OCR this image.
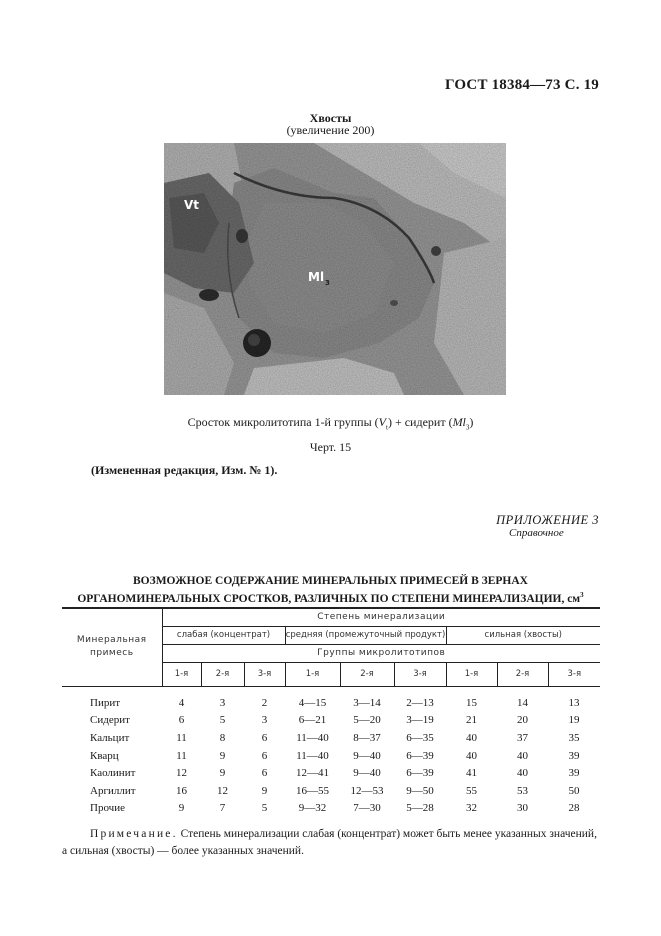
ГОСТ 18384—73 С. 19
Хвосты
(увеличение 200)
Vt
Ml 3
Сросток микролитотипа 1-й группы $(V_t)$ + сидерит $(Ml_3)$
Черт. 15
(Измененная редакция, Изм. № 1).
ПРИЛОЖЕНИЕ 3
Справочное
ВОЗМОЖНОЕ СОДЕРЖАНИЕ МИНЕРАЛЬНЫХ ПРИМЕСЕЙ В ЗЕРНАХ
ОРГАНОМИНЕРАЛЬНЫХ СРОСТКОВ, РАЗЛИЧНЫХ ПО СТЕПЕНИ МИНЕРАЛИЗАЦИИ, $см^3$
Минеральная примесь	Степень минерализации								
	слабая (концентрат)			средняя (промежуточный продукт)			сильная (хвосты)		
	Группы микролитотипов								
	1-я	2-я	3-я	1-я	2-я	3-я	1-я	2-я	3-я

Пирит	4	3	2	4—15	3—14	2—13	15	14	13
Сидерит	6	5	3	6—21	5—20	3—19	21	20	19
Кальцит	11	8	6	11—40	8—37	6—35	40	37	35
Кварц	11	9	6	11—40	9—40	6—39	40	40	39
Каолинит	12	9	6	12—41	9—40	6—39	41	40	39
Аргиллит	16	12	9	16—55	12—53	9—50	55	53	50
Прочие	9	7	5	9—32	7—30	5—28	32	30	28
Примечание. Степень минерализации слабая (концентрат) может быть менее указанных значений, а сильная (хвосты) — более указанных значений.
